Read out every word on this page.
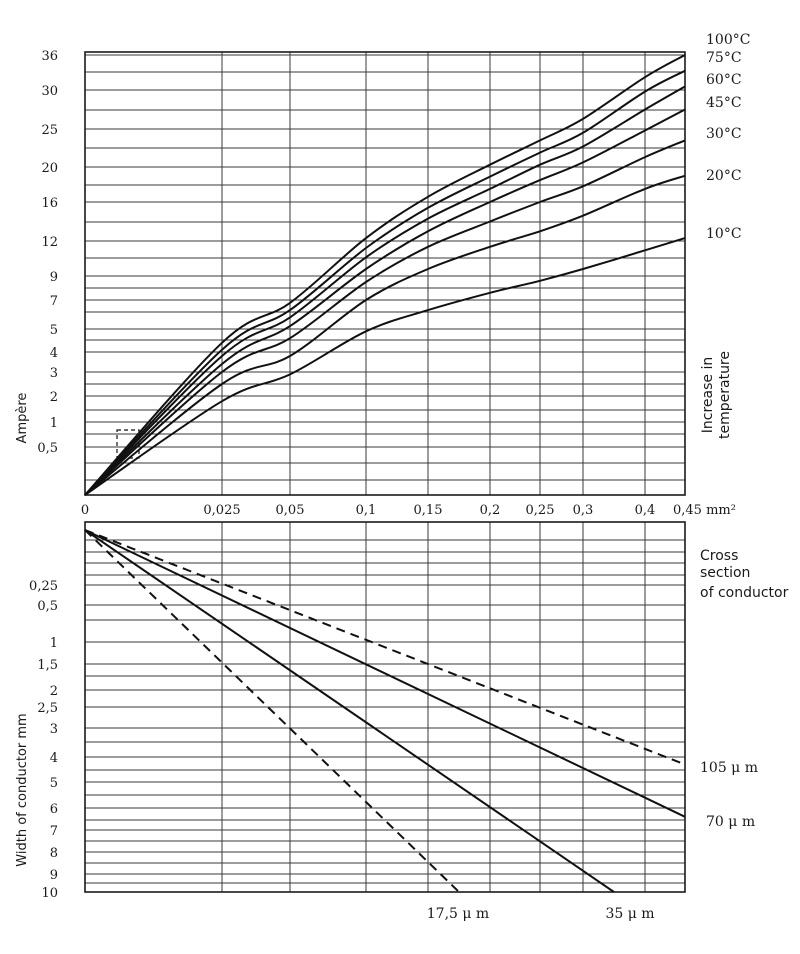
0,5
1
2
3
4
5
7
9
12
16
20
25
30
36
0	0,025	0,05	0,1	0,15	0,2 0,25 0,3	0,4 0,45 mm²
0,25
0,5
1
1,5
2
2,5
3
4
5
6
7
8
9
10
10°C
20°C
30°C
45°C
60°C
75°C
100°C
105 μ m
70 μ m
35 μ m
17,5 μ m
Ampère
Width of conductor mm
Increase in temperature
Cross
section
of conductor
